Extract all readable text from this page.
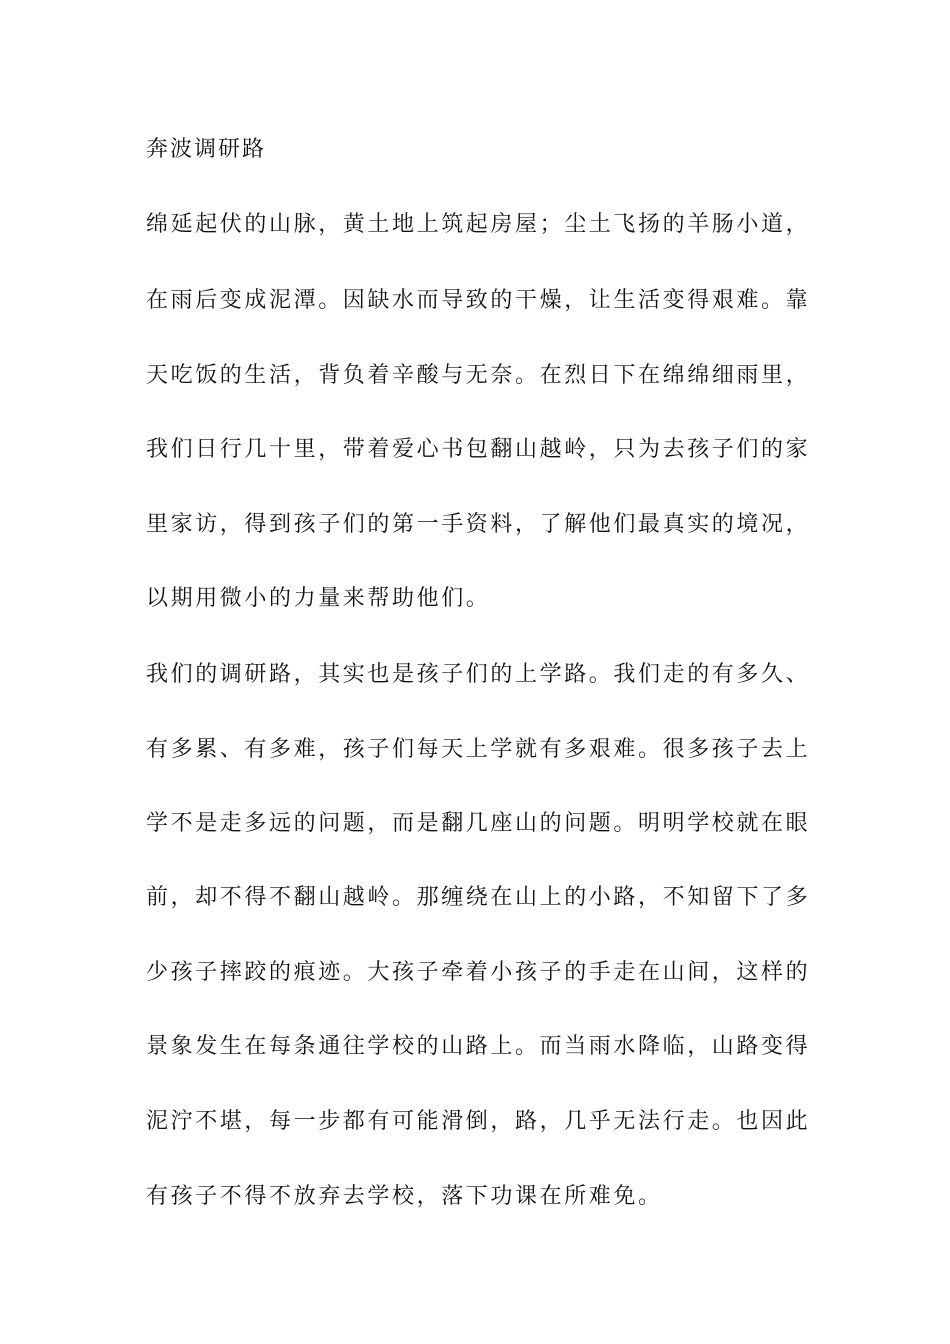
奔波调研路
绵延起伏的山脉，黄土地上筑起房屋；尘土飞扬的羊肠小道，
在雨后变成泥潭。因缺水而导致的干燥，让生活变得艰难。靠
天吃饭的生活，背负着辛酸与无奈。在烈日下在绵绵细雨里，
我们日行几十里，带着爱心书包翻山越岭，只为去孩子们的家
里家访，得到孩子们的第一手资料，了解他们最真实的境况，
以期用微小的力量来帮助他们。
我们的调研路，其实也是孩子们的上学路。我们走的有多久、
有多累、有多难，孩子们每天上学就有多艰难。很多孩子去上
学不是走多远的问题，而是翻几座山的问题。明明学校就在眼
前，却不得不翻山越岭。那缠绕在山上的小路，不知留下了多
少孩子摔跤的痕迹。大孩子牵着小孩子的手走在山间，这样的
景象发生在每条通往学校的山路上。而当雨水降临，山路变得
泥泞不堪，每一步都有可能滑倒，路，几乎无法行走。也因此
有孩子不得不放弃去学校，落下功课在所难免。
